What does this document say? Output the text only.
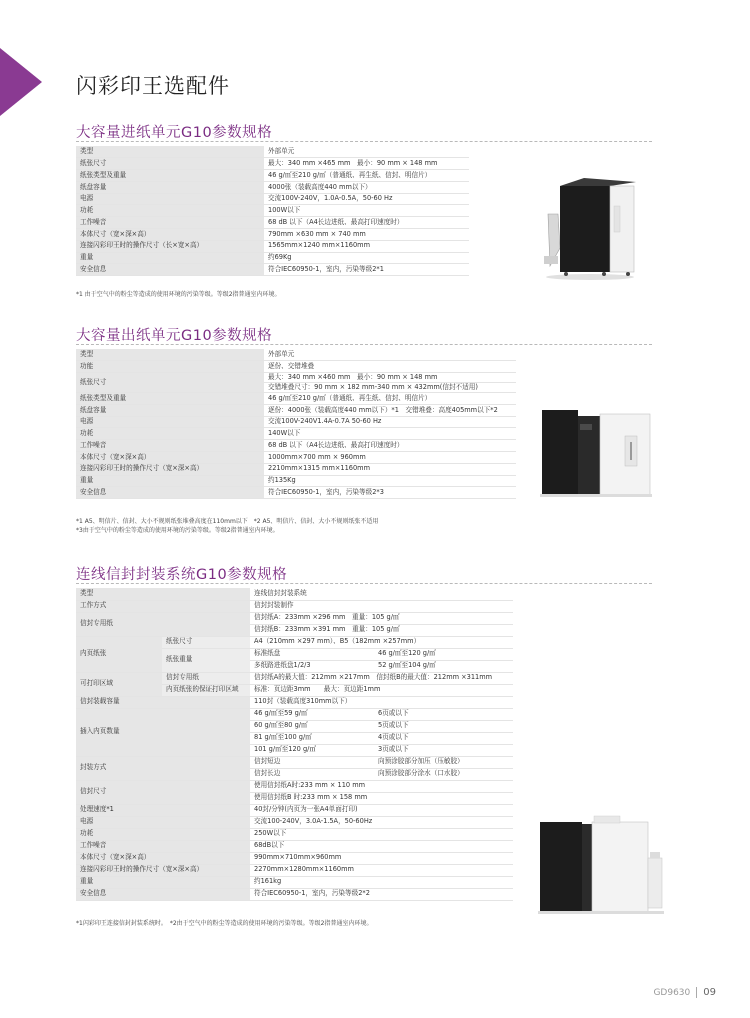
闪彩印王选配件
大容量进纸单元G10参数规格
类型	外部单元
纸张尺寸	最大：340 mm ×465 mm　最小：90 mm × 148 mm
纸张类型及重量	46 g/㎡至210 g/㎡（普通纸、再生纸、信封、明信片）
纸盘容量	4000张（装载高度440 mm以下）
电源	交流100V-240V，1.0A-0.5A，50-60 Hz
功耗	100W以下
工作噪音	68 dB 以下（A4长边进纸、最高打印速度时）
本体尺寸（宽×深×高）	790mm ×630 mm × 740 mm
连接闪彩印王时的操作尺寸（长×宽×高）	1565mm×1240 mm×1160mm
重量	约69Kg
安全信息	符合IEC60950-1，室内，污染等级2*1
*1 由于空气中的粉尘等造成的使用环境的污染等级。等级2指普通室内环境。
大容量出纸单元G10参数规格
类型	外部单元
功能	逐份、交错堆叠
纸张尺寸	最大：340 mm ×460 mm　最小：90 mm × 148 mm
	交错堆叠尺寸：90 mm × 182 mm-340 mm × 432mm(信封不适用)
纸张类型及重量	46 g/㎡至210 g/㎡（普通纸、再生纸、信封、明信片）
纸盘容量	逐份：4000张（装载高度440 mm以下）*1　交错堆叠：高度405mm以下*2
电源	交流100V-240V1.4A-0.7A 50-60 Hz
功耗	140W以下
工作噪音	68 dB 以下（A4长边进纸、最高打印速度时）
本体尺寸（宽×深×高）	1000mm×700 mm × 960mm
连接闪彩印王时的操作尺寸（宽×深×高）	2210mm×1315 mm×1160mm
重量	约135Kg
安全信息	符合IEC60950-1，室内，污染等级2*3
*1 A5、明信片、信封、大小不规则纸张堆叠高度在110mm以下　*2 A5、明信片、信封、大小不规则纸张不适用
*3由于空气中的粉尘等造成的使用环境的污染等级。等级2指普通室内环境。
连线信封封装系统G10参数规格
类型		连线信封封装系统	
工作方式		信封封装制作	
信封专用纸		信封纸A：233mm ×296 mm　重量：105 g/㎡	
		信封纸B：233mm ×391 mm　重量：105 g/㎡	
内页纸张	纸张尺寸	A4（210mm ×297 mm）、B5（182mm ×257mm）	
	纸张重量	标准纸盘	46 g/㎡至120 g/㎡
		多纸路进纸盘1/2/3	52 g/㎡至104 g/㎡
可打印区域	信封专用纸	信封纸A的最大值：212mm ×217mm　信封纸B的最大值：212mm ×311mm	
	内页纸张的保证打印区域	标准：页边距3mm　　最大：页边距1mm	
信封装载容量		110封（装载高度310mm以下）	
插入内页数量		46 g/㎡至59 g/㎡	6页或以下
		60 g/㎡至80 g/㎡	5页或以下
		81 g/㎡至100 g/㎡	4页或以下
		101 g/㎡至120 g/㎡	3页或以下
封装方式		信封短边	向预涂胶部分加压（压敏胶）
		信封长边	向预涂胶部分涂水（口水胶）
信封尺寸		使用信封纸A时:233 mm × 110 mm	
		使用信封纸B 时:233 mm × 158 mm	
处理速度*1		40封/分钟(内页为一张A4单面打印)	
电源		交流100-240V，3.0A-1.5A，50-60Hz	
功耗		250W以下	
工作噪音		68dB以下	
本体尺寸（宽×深×高）		990mm×710mm×960mm	
连接闪彩印王时的操作尺寸（宽×深×高）		2270mm×1280mm×1160mm	
重量		约161kg	
安全信息		符合IEC60950-1，室内，污染等级2*2	
*1闪彩印王连接信封封装系统时。　*2由于空气中的粉尘等造成的使用环境的污染等级。等级2指普通室内环境。
GD9630 09
